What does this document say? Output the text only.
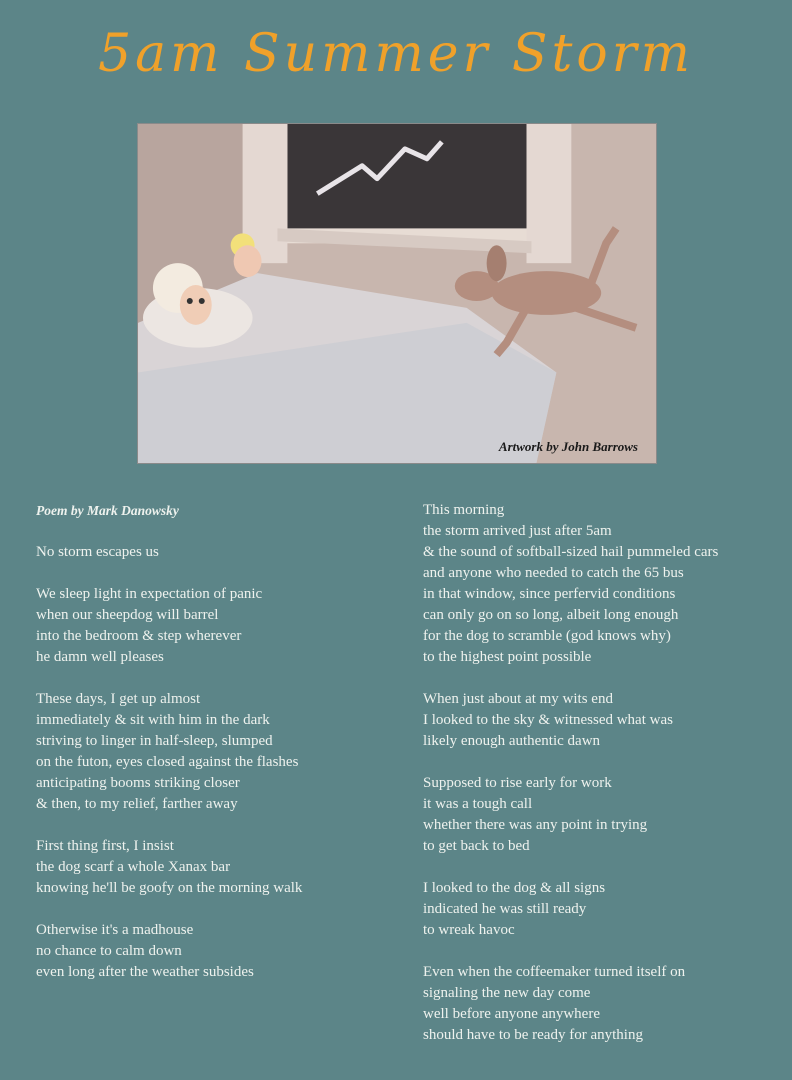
5am Summer Storm
Artwork by John Barrows
Poem by Mark Danowsky
No storm escapes us
We sleep light in expectation of panic
when our sheepdog will barrel
into the bedroom & step wherever
he damn well pleases
These days, I get up almost
immediately & sit with him in the dark
striving to linger in half-sleep, slumped
on the futon, eyes closed against the flashes
anticipating booms striking closer
& then, to my relief, farther away
First thing first, I insist
the dog scarf a whole Xanax bar
knowing he'll be goofy on the morning walk
Otherwise it's a madhouse
no chance to calm down
even long after the weather subsides
This morning
the storm arrived just after 5am
& the sound of softball-sized hail pummeled cars
and anyone who needed to catch the 65 bus
in that window, since perfervid conditions
can only go on so long, albeit long enough
for the dog to scramble (god knows why)
to the highest point possible
When just about at my wits end
I looked to the sky & witnessed what was
likely enough authentic dawn
Supposed to rise early for work
it was a tough call
whether there was any point in trying
to get back to bed
I looked to the dog & all signs
indicated he was still ready
to wreak havoc
Even when the coffeemaker turned itself on
signaling the new day come
well before anyone anywhere
should have to be ready for anything
